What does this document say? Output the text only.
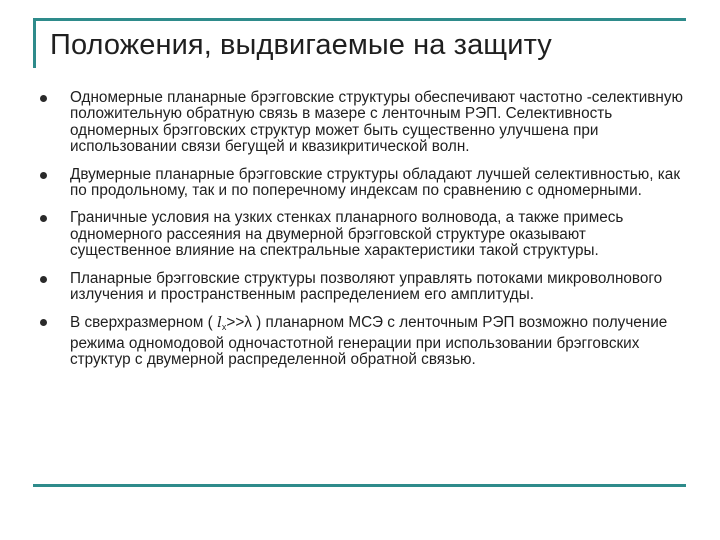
Положения, выдвигаемые на защиту
Одномерные планарные брэгговские структуры обеспечивают частотно -селективную положительную обратную связь в мазере с ленточным РЭП. Селективность одномерных брэгговских структур может быть существенно улучшена при использовании связи бегущей и квазикритической волн.
Двумерные планарные брэгговские структуры обладают лучшей селективностью, как по продольному, так и по поперечному индексам по сравнению с одномерными.
Граничные условия на узких стенках планарного волновода, а также примесь одномерного рассеяния на двумерной брэгговской структуре оказывают существенное влияние на спектральные характеристики такой структуры.
Планарные брэгговские структуры позволяют управлять потоками микроволнового излучения и пространственным распределением его амплитуды.
В сверхразмерном ( $l_x>>\lambda$ ) планарном МСЭ с ленточным РЭП возможно получение режима одномодовой одночастотной генерации при использовании брэгговских структур с двумерной распределенной обратной связью.
